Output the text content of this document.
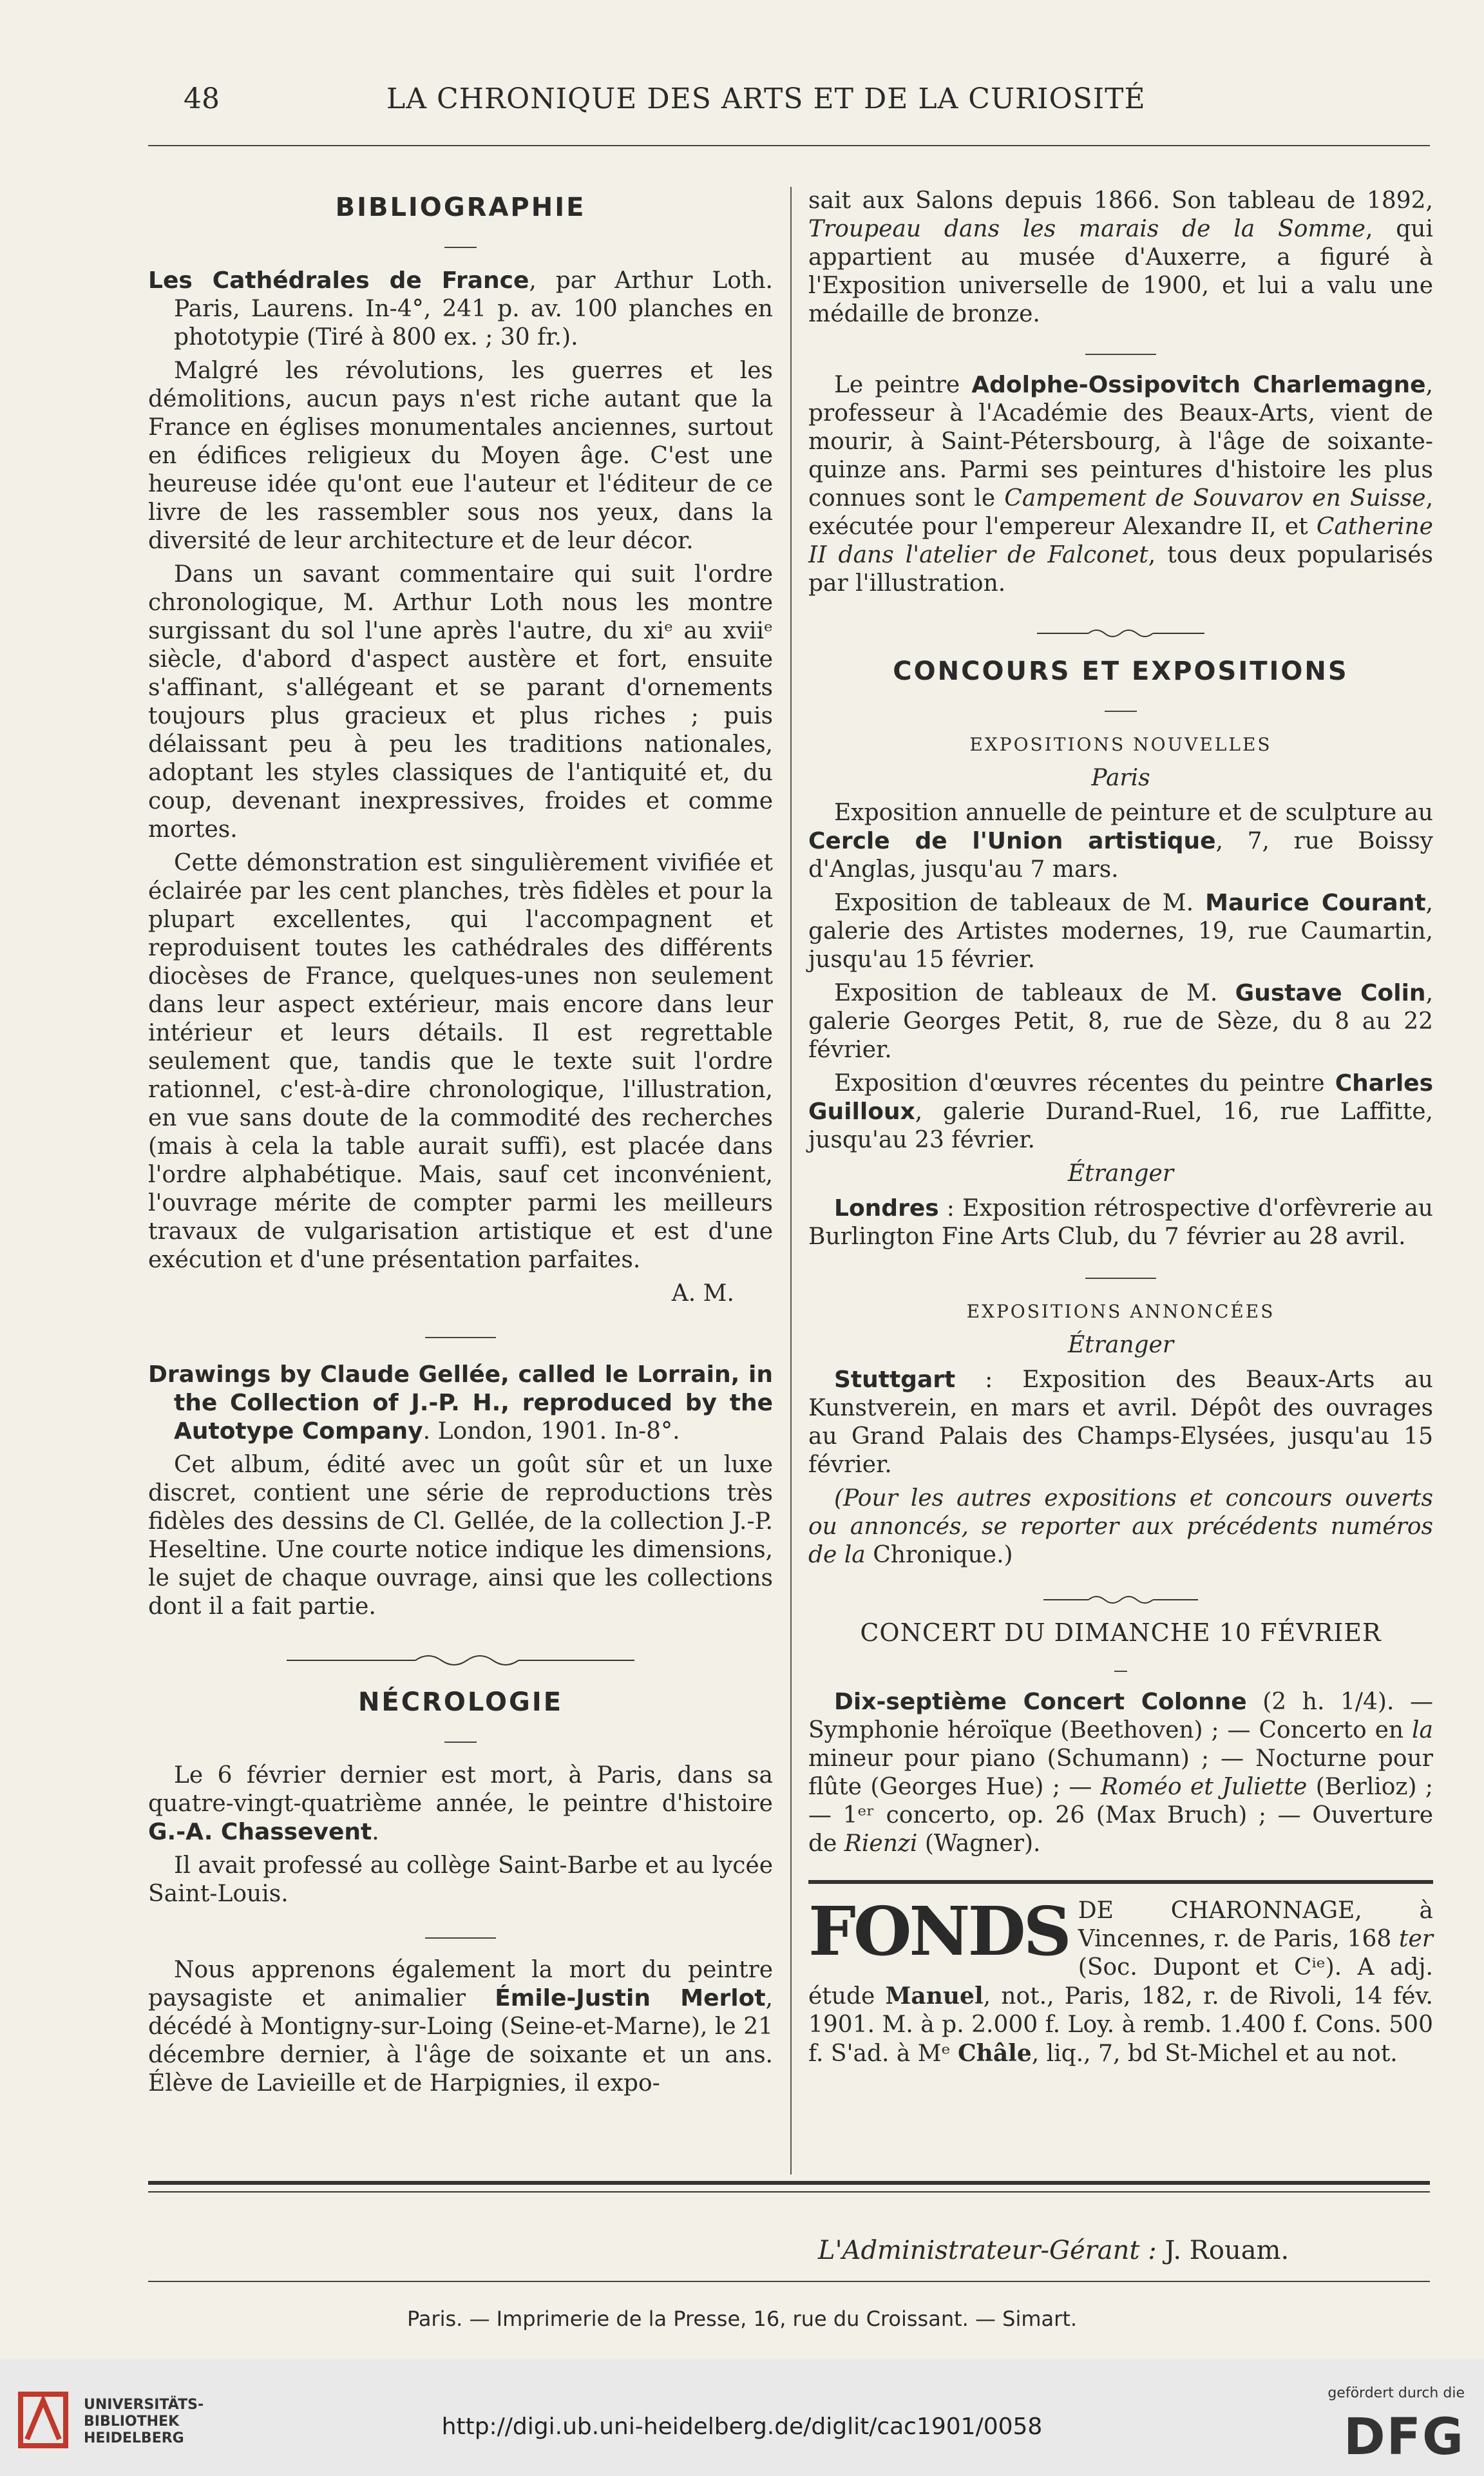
48	LA CHRONIQUE DES ARTS ET DE LA CURIOSITÉ
BIBLIOGRAPHIE

Les Cathédrales de France, par Arthur Loth. Paris, Laurens. In-4°, 241 p. av. 100 planches en phototypie (Tiré à 800 ex. ; 30 fr.).

Malgré les révolutions, les guerres et les démolitions, aucun pays n'est riche autant que la France en églises monumentales anciennes, surtout en édifices religieux du Moyen âge. C'est une heureuse idée qu'ont eue l'auteur et l'éditeur de ce livre de les rassembler sous nos yeux, dans la diversité de leur architecture et de leur décor.

Dans un savant commentaire qui suit l'ordre chronologique, M. Arthur Loth nous les montre surgissant du sol l'une après l'autre, du xiᵉ au xviiᵉ siècle, d'abord d'aspect austère et fort, ensuite s'affinant, s'allégeant et se parant d'ornements toujours plus gracieux et plus riches ; puis délaissant peu à peu les traditions nationales, adoptant les styles classiques de l'antiquité et, du coup, devenant inexpressives, froides et comme mortes.

Cette démonstration est singulièrement vivifiée et éclairée par les cent planches, très fidèles et pour la plupart excellentes, qui l'accompagnent et reproduisent toutes les cathédrales des différents diocèses de France, quelques-unes non seulement dans leur aspect extérieur, mais encore dans leur intérieur et leurs détails. Il est regrettable seulement que, tandis que le texte suit l'ordre rationnel, c'est-à-dire chronologique, l'illustration, en vue sans doute de la commodité des recherches (mais à cela la table aurait suffi), est placée dans l'ordre alphabétique. Mais, sauf cet inconvénient, l'ouvrage mérite de compter parmi les meilleurs travaux de vulgarisation artistique et est d'une exécution et d'une présentation parfaites.

A. M.

Drawings by Claude Gellée, called le Lorrain, in the Collection of J.-P. H., reproduced by the Autotype Company. London, 1901. In-8°.

Cet album, édité avec un goût sûr et un luxe discret, contient une série de reproductions très fidèles des dessins de Cl. Gellée, de la collection J.-P. Heseltine. Une courte notice indique les dimensions, le sujet de chaque ouvrage, ainsi que les collections dont il a fait partie.

NÉCROLOGIE

Le 6 février dernier est mort, à Paris, dans sa quatre-vingt-quatrième année, le peintre d'histoire G.-A. Chassevent.

Il avait professé au collège Saint-Barbe et au lycée Saint-Louis.

Nous apprenons également la mort du peintre paysagiste et animalier Émile-Justin Merlot, décédé à Montigny-sur-Loing (Seine-et-Marne), le 21 décembre dernier, à l'âge de soixante et un ans. Élève de Lavieille et de Harpignies, il expo-

sait aux Salons depuis 1866. Son tableau de 1892, Troupeau dans les marais de la Somme, qui appartient au musée d'Auxerre, a figuré à l'Exposition universelle de 1900, et lui a valu une médaille de bronze.

Le peintre Adolphe-Ossipovitch Charlemagne, professeur à l'Académie des Beaux-Arts, vient de mourir, à Saint-Pétersbourg, à l'âge de soixante-quinze ans. Parmi ses peintures d'histoire les plus connues sont le Campement de Souvarov en Suisse, exécutée pour l'empereur Alexandre II, et Catherine II dans l'atelier de Falconet, tous deux popularisés par l'illustration.

CONCOURS ET EXPOSITIONS
EXPOSITIONS NOUVELLES
Paris

Exposition annuelle de peinture et de sculpture au Cercle de l'Union artistique, 7, rue Boissy d'Anglas, jusqu'au 7 mars.

Exposition de tableaux de M. Maurice Courant, galerie des Artistes modernes, 19, rue Caumartin, jusqu'au 15 février.

Exposition de tableaux de M. Gustave Colin, galerie Georges Petit, 8, rue de Sèze, du 8 au 22 février.

Exposition d'œuvres récentes du peintre Charles Guilloux, galerie Durand-Ruel, 16, rue Laffitte, jusqu'au 23 février.

Étranger

Londres : Exposition rétrospective d'orfèvrerie au Burlington Fine Arts Club, du 7 février au 28 avril.

EXPOSITIONS ANNONCÉES
Étranger

Stuttgart : Exposition des Beaux-Arts au Kunstverein, en mars et avril. Dépôt des ouvrages au Grand Palais des Champs-Elysées, jusqu'au 15 février.

(Pour les autres expositions et concours ouverts ou annoncés, se reporter aux précédents numéros de la Chronique.)

CONCERT DU DIMANCHE 10 FÉVRIER

Dix-septième Concert Colonne (2 h. 1/4). — Symphonie héroïque (Beethoven) ; — Concerto en la mineur pour piano (Schumann) ; — Nocturne pour flûte (Georges Hue) ; — Roméo et Juliette (Berlioz) ; — 1ᵉʳ concerto, op. 26 (Max Bruch) ; — Ouverture de Rienzi (Wagner).

FONDS DE CHARONNAGE, à Vincennes, r. de Paris, 168 ter (Soc. Dupont et Cⁱᵉ). A adj. étude Manuel, not., Paris, 182, r. de Rivoli, 14 fév. 1901. M. à p. 2.000 f. Loy. à remb. 1.400 f. Cons. 500 f. S'ad. à Mᵉ Châle, liq., 7, bd St-Michel et au not.

L'Administrateur-Gérant : J. Rouam.
Paris. — Imprimerie de la Presse, 16, rue du Croissant. — Simart.
UNIVERSITÄTS-
BIBLIOTHEK
HEIDELBERG	http://digi.ub.uni-heidelberg.de/diglit/cac1901/0058
gefördert durch die
DFG
